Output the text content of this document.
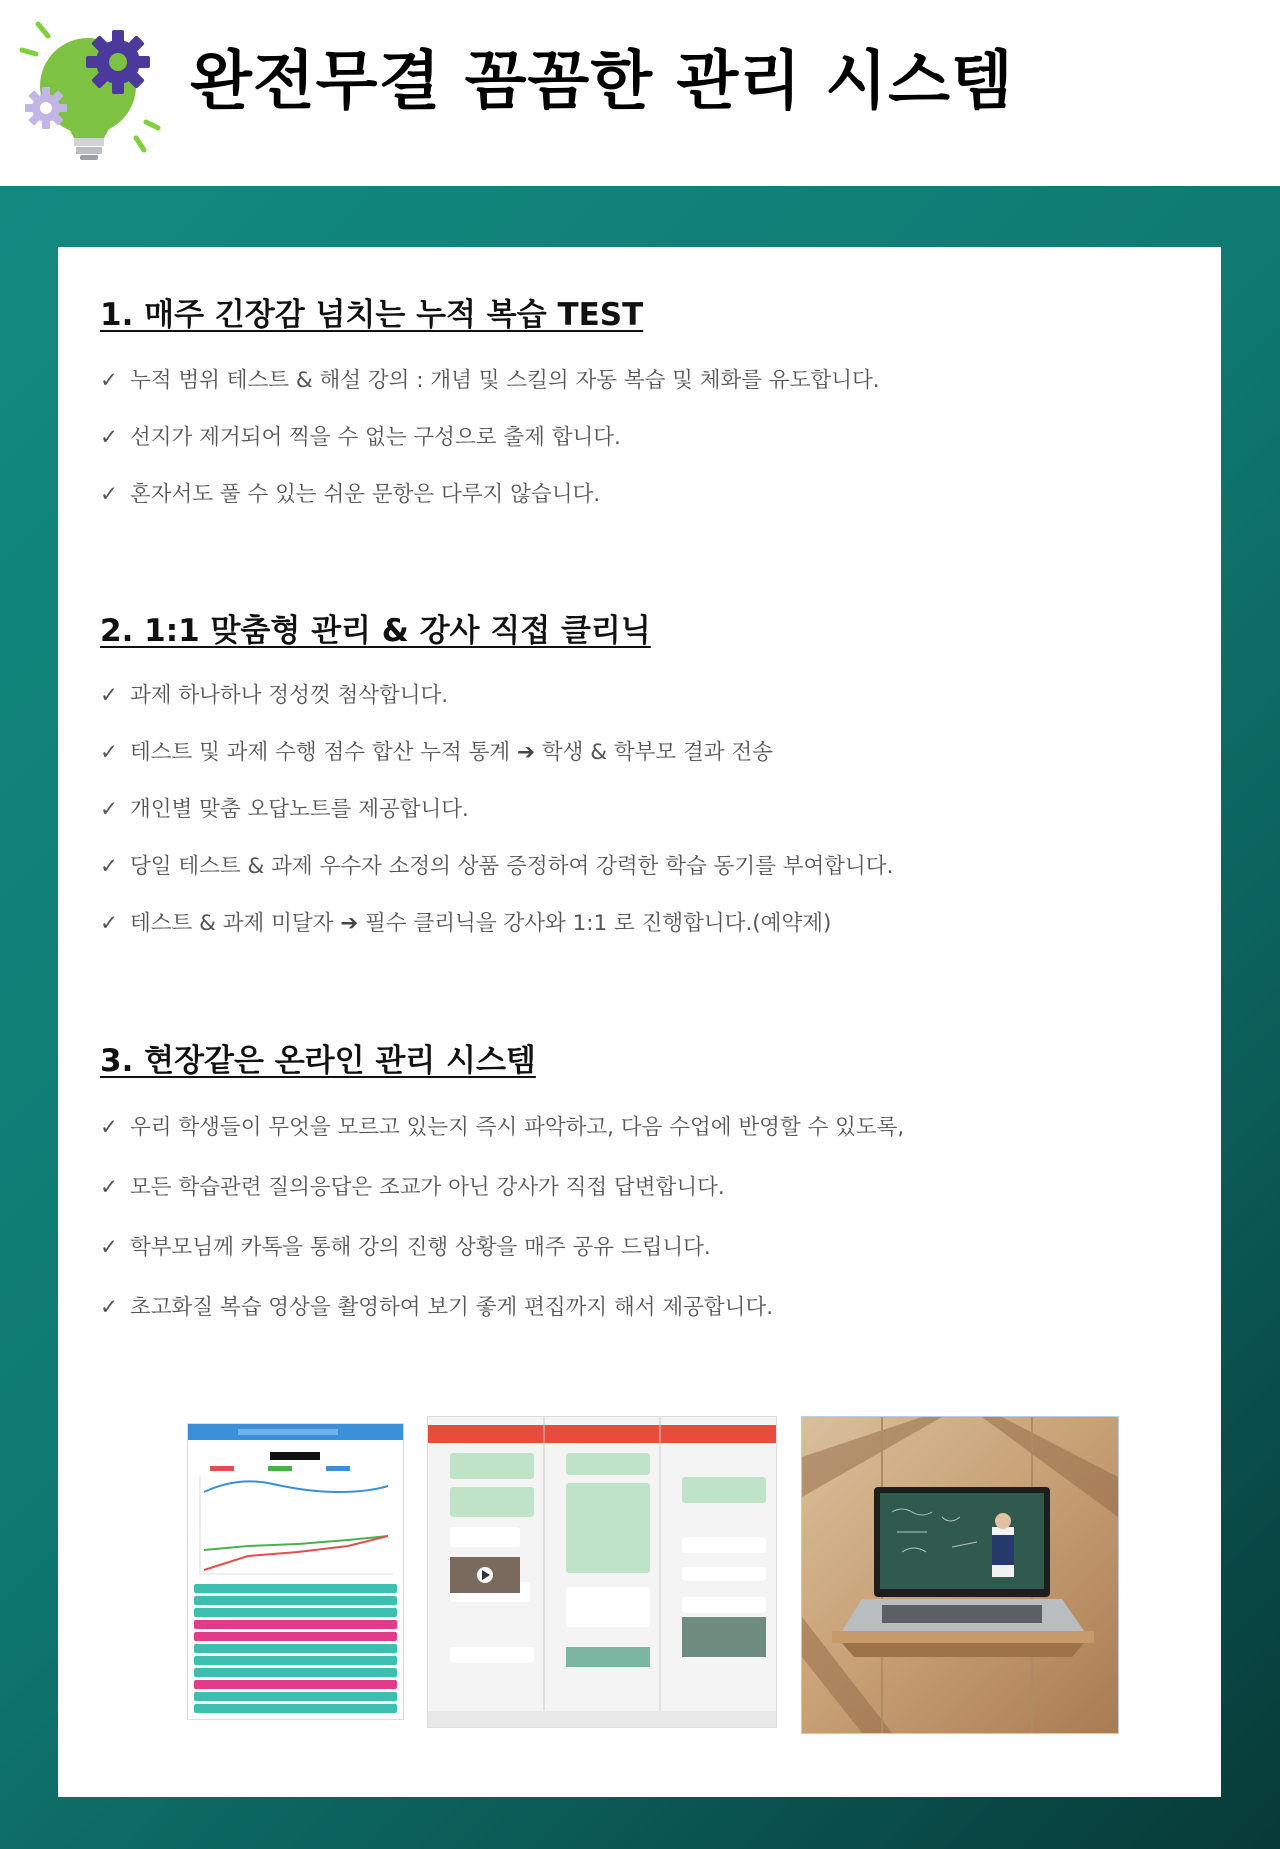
완전무결 꼼꼼한 관리 시스템
1. 매주 긴장감 넘치는 누적 복습 TEST
✓ 누적 범위 테스트 & 해설 강의 : 개념 및 스킬의 자동 복습 및 체화를 유도합니다.
✓ 선지가 제거되어 찍을 수 없는 구성으로 출제 합니다.
✓ 혼자서도 풀 수 있는 쉬운 문항은 다루지 않습니다.
2. 1:1 맞춤형 관리 & 강사 직접 클리닉
✓ 과제 하나하나 정성껏 첨삭합니다.
✓ 테스트 및 과제 수행 점수 합산 누적 통계 ➔ 학생 & 학부모 결과 전송
✓ 개인별 맞춤 오답노트를 제공합니다.
✓ 당일 테스트 & 과제 우수자 소정의 상품 증정하여 강력한 학습 동기를 부여합니다.
✓ 테스트 & 과제 미달자 ➔ 필수 클리닉을 강사와 1:1 로 진행합니다.(예약제)
3. 현장같은 온라인 관리 시스템
✓ 우리 학생들이 무엇을 모르고 있는지 즉시 파악하고, 다음 수업에 반영할 수 있도록,
✓ 모든 학습관련 질의응답은 조교가 아닌 강사가 직접 답변합니다.
✓ 학부모님께 카톡을 통해 강의 진행 상황을 매주 공유 드립니다.
✓ 초고화질 복습 영상을 촬영하여 보기 좋게 편집까지 해서 제공합니다.
